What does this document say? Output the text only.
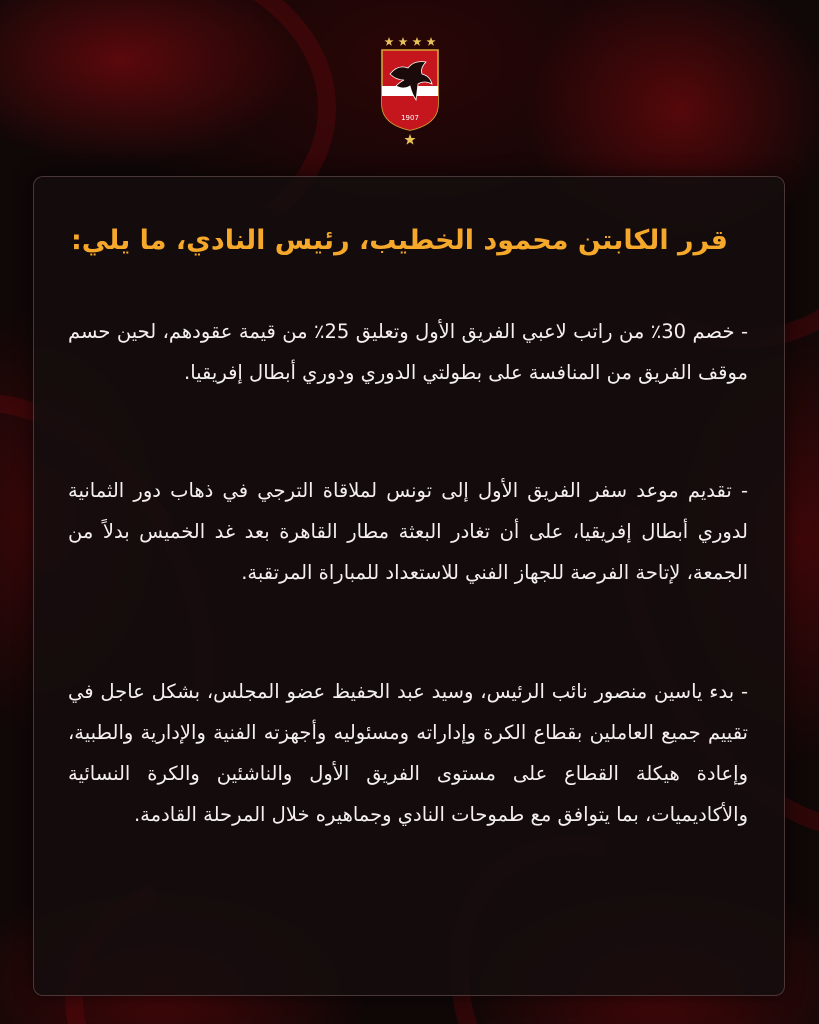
1907
قرر الكابتن محمود الخطيب، رئيس النادي، ما يلي:

- خصم 30٪ من راتب لاعبي الفريق الأول وتعليق 25٪ من قيمة عقودهم، لحين حسم موقف الفريق من المنافسة على بطولتي الدوري ودوري أبطال إفريقيا.

- تقديم موعد سفر الفريق الأول إلى تونس لملاقاة الترجي في ذهاب دور الثمانية لدوري أبطال إفريقيا، على أن تغادر البعثة مطار القاهرة بعد غد الخميس بدلاً من الجمعة، لإتاحة الفرصة للجهاز الفني للاستعداد للمباراة المرتقبة.

- بدء ياسين منصور نائب الرئيس، وسيد عبد الحفيظ عضو المجلس، بشكل عاجل في تقييم جميع العاملين بقطاع الكرة وإداراته ومسئوليه وأجهزته الفنية والإدارية والطبية، وإعادة هيكلة القطاع على مستوى الفريق الأول والناشئين والكرة النسائية والأكاديميات، بما يتوافق مع طموحات النادي وجماهيره خلال المرحلة القادمة.
